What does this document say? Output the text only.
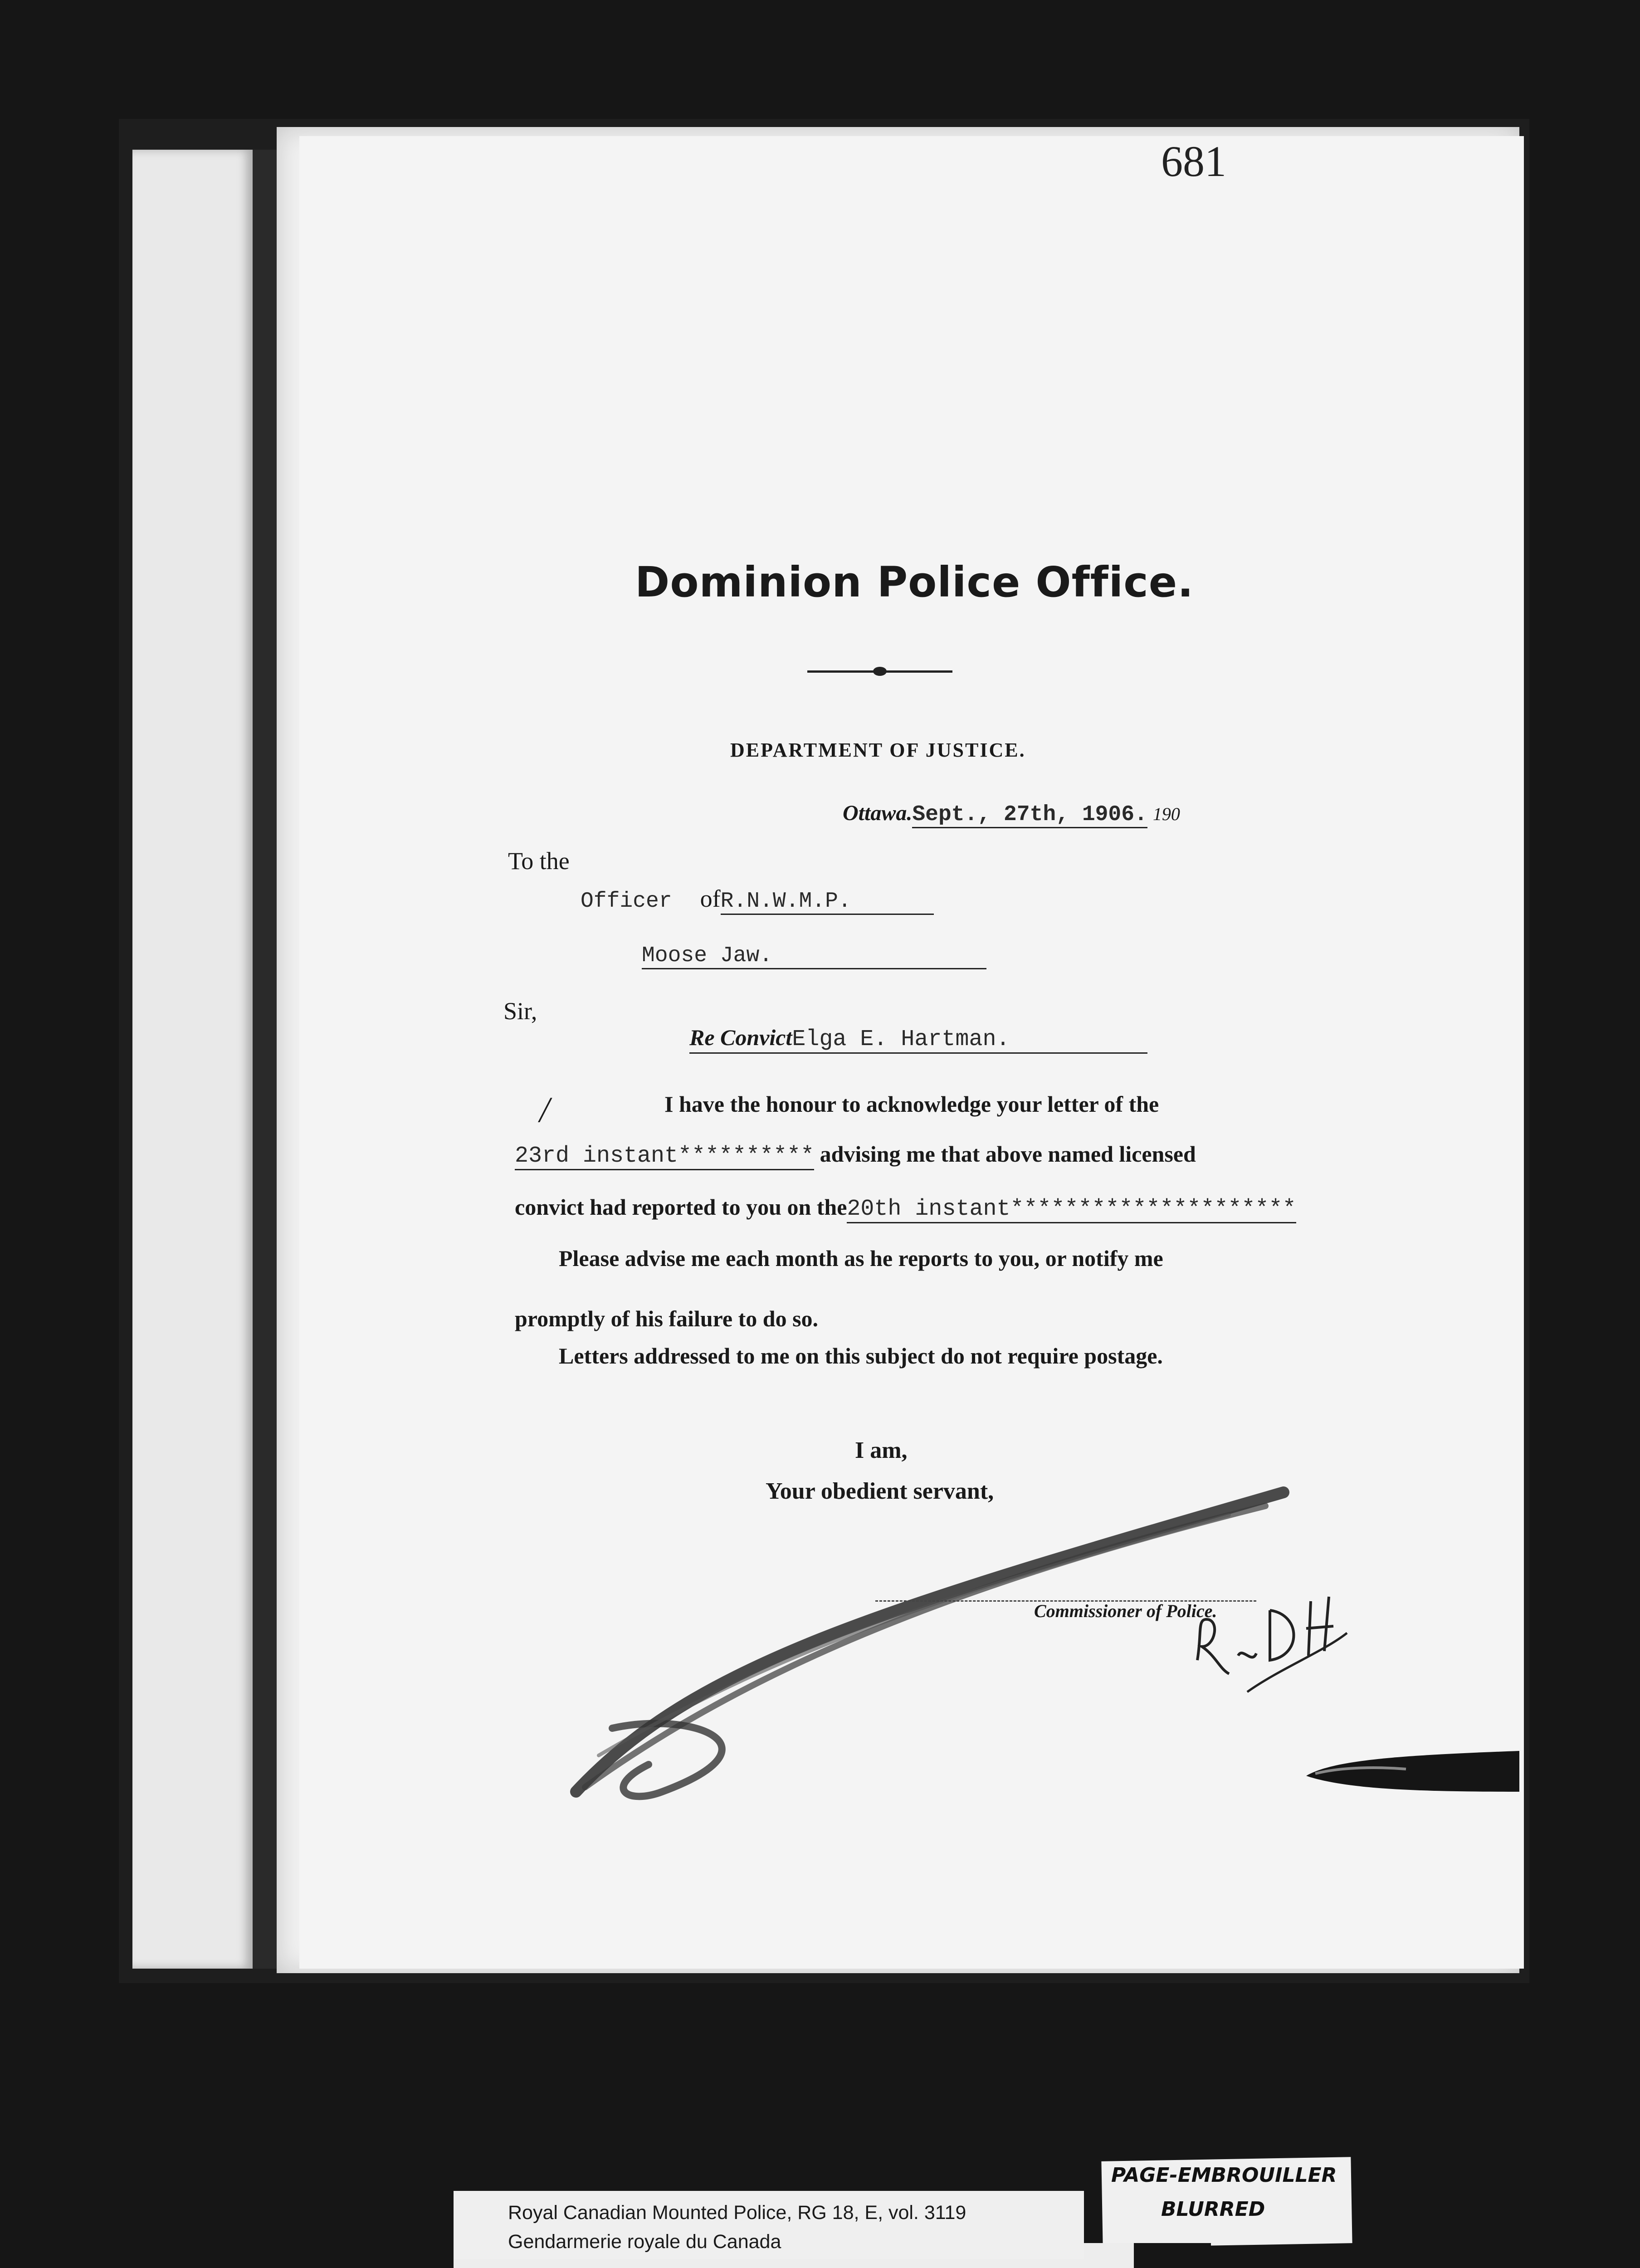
681
Dominion Police Office.
DEPARTMENT OF JUSTICE.
Ottawa.Sept., 27th, 1906. 190
To the
Officer ofR.N.W.M.P.
Moose Jaw.
Sir,
Re ConvictElga E. Hartman.
╱	I have the honour to acknowledge your letter of the
23rd instant********** advising me that above named licensed
convict had reported to you on the20th instant*********************
Please advise me each month as he reports to you, or notify me
promptly of his failure to do so.
Letters addressed to me on this subject do not require postage.
I am,
Your obedient servant,
Commissioner of Police.
PAGE-EMBROUILLER
BLURRED
Royal Canadian Mounted Police, RG 18, E, vol. 3119
Gendarmerie royale du Canada
